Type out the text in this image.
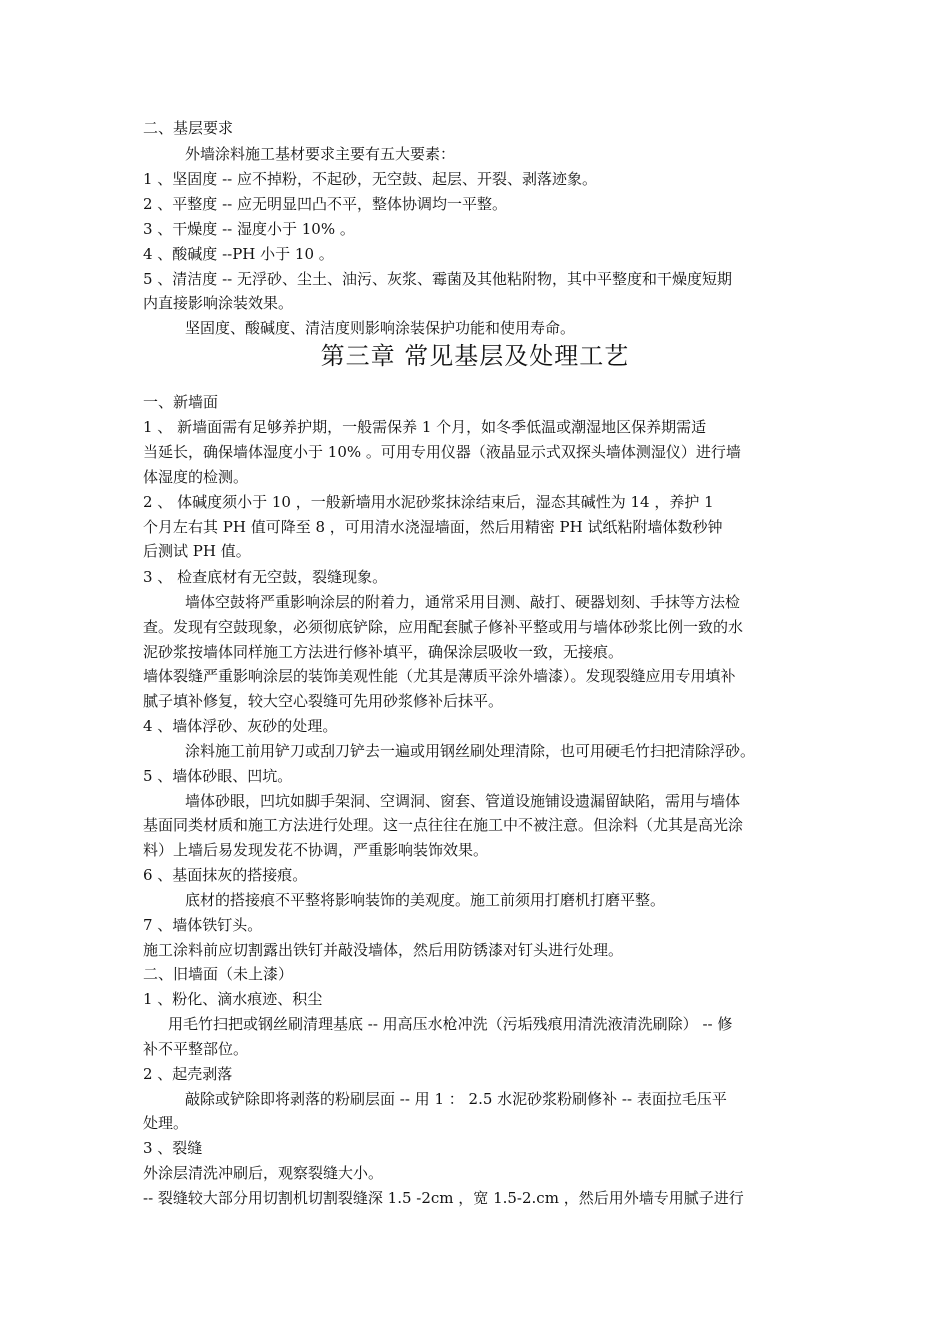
二、基层要求
外墙涂料施工基材要求主要有五大要素：
1 、坚固度 -- 应不掉粉，不起砂，无空鼓、起层、开裂、剥落迹象。
2 、平整度 -- 应无明显凹凸不平，整体协调均一平整。
3 、干燥度 -- 湿度小于 10% 。
4 、酸碱度 --PH 小于 10 。
5 、清洁度 -- 无浮砂、尘土、油污、灰浆、霉菌及其他粘附物，其中平整度和干燥度短期
内直接影响涂装效果。
坚固度、酸碱度、清洁度则影响涂装保护功能和使用寿命。
第三章 常见基层及处理工艺
一、新墙面
1 、 新墙面需有足够养护期，一般需保养 1 个月，如冬季低温或潮湿地区保养期需适
当延长，确保墙体湿度小于 10% 。可用专用仪器（液晶显示式双探头墙体测湿仪）进行墙
体湿度的检测。
2 、 体碱度须小于 10 ，一般新墙用水泥砂浆抹涂结束后，湿态其碱性为 14 ，养护 1
个月左右其 PH 值可降至 8 ，可用清水浇湿墙面，然后用精密 PH 试纸粘附墙体数秒钟
后测试 PH 值。
3 、 检查底材有无空鼓，裂缝现象。
墙体空鼓将严重影响涂层的附着力，通常采用目测、敲打、硬器划刻、手抹等方法检
查。发现有空鼓现象，必须彻底铲除，应用配套腻子修补平整或用与墙体砂浆比例一致的水
泥砂浆按墙体同样施工方法进行修补填平，确保涂层吸收一致，无接痕。
墙体裂缝严重影响涂层的装饰美观性能（尤其是薄质平涂外墙漆）。发现裂缝应用专用填补
腻子填补修复，较大空心裂缝可先用砂浆修补后抹平。
4 、墙体浮砂、灰砂的处理。
涂料施工前用铲刀或刮刀铲去一遍或用钢丝刷处理清除，也可用硬毛竹扫把清除浮砂。
5 、墙体砂眼、凹坑。
墙体砂眼，凹坑如脚手架洞、空调洞、窗套、管道设施铺设遗漏留缺陷，需用与墙体
基面同类材质和施工方法进行处理。这一点往往在施工中不被注意。但涂料（尤其是高光涂
料）上墙后易发现发花不协调，严重影响装饰效果。
6 、基面抹灰的搭接痕。
底材的搭接痕不平整将影响装饰的美观度。施工前须用打磨机打磨平整。
7 、墙体铁钉头。
施工涂料前应切割露出铁钉并敲没墙体，然后用防锈漆对钉头进行处理。
二、旧墙面（未上漆）
1 、粉化、滴水痕迹、积尘
用毛竹扫把或钢丝刷清理基底 -- 用高压水枪冲洗（污垢残痕用清洗液清洗刷除） -- 修
补不平整部位。
2 、起壳剥落
敲除或铲除即将剥落的粉刷层面 -- 用 1 ： 2.5 水泥砂浆粉刷修补 -- 表面拉毛压平
处理。
3 、裂缝
外涂层清洗冲刷后，观察裂缝大小。
-- 裂缝较大部分用切割机切割裂缝深 1.5 -2cm ，宽 1.5-2.cm ，然后用外墙专用腻子进行
